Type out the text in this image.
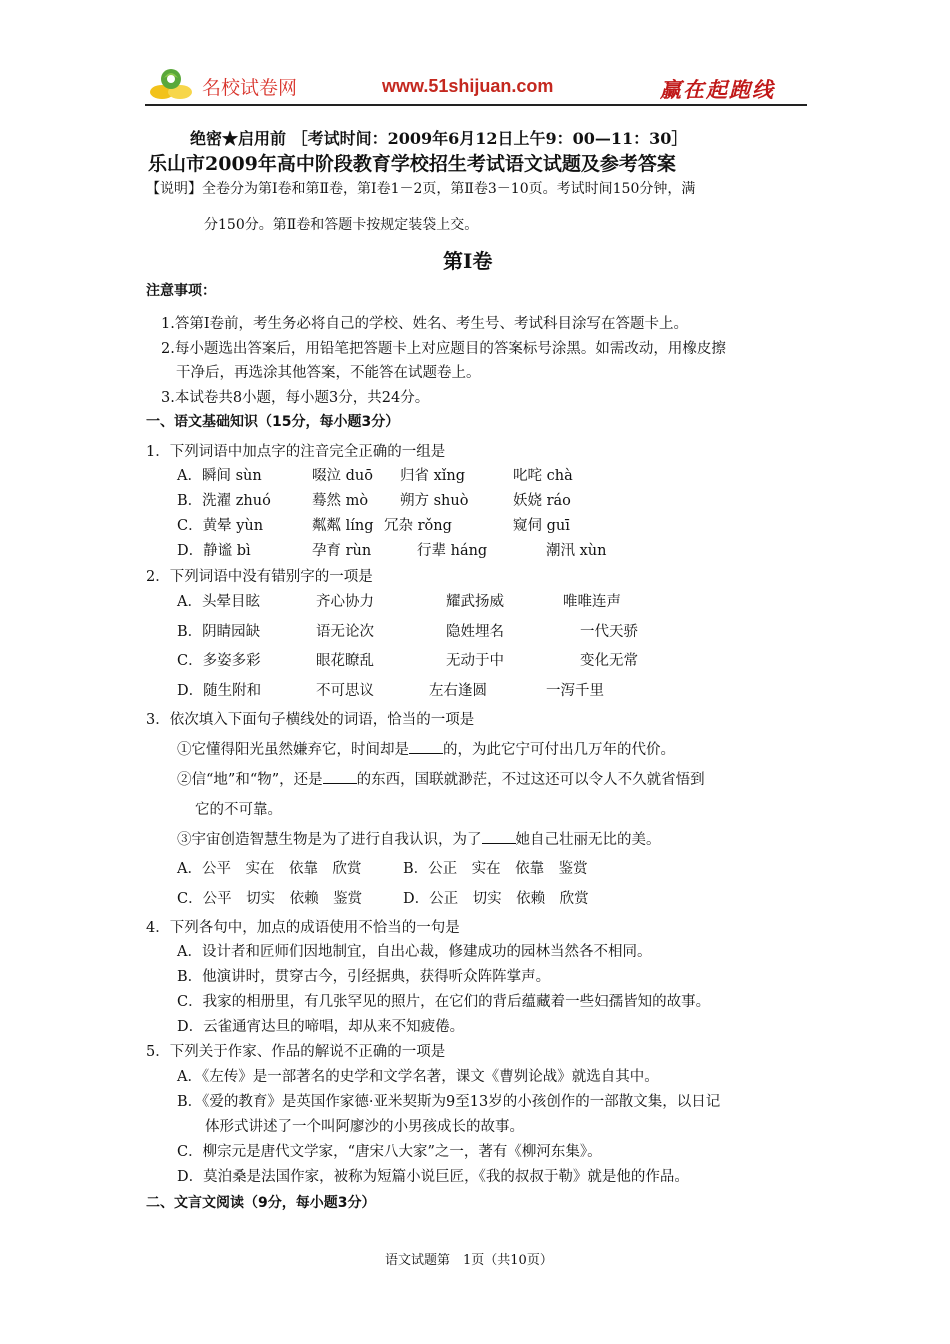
名校试卷网	www.51shijuan.com	赢在起跑线
绝密★启用前 ［考试时间：2009年6月12日上午9：00—11：30］
乐山市2009年高中阶段教育学校招生考试语文试题及参考答案
【说明】全卷分为第Ⅰ卷和第Ⅱ卷，第Ⅰ卷1－2页，第Ⅱ卷3－10页。考试时间150分钟，满
分150分。第Ⅱ卷和答题卡按规定装袋上交。
第Ⅰ卷
注意事项：
1.答第Ⅰ卷前，考生务必将自己的学校、姓名、考生号、考试科目涂写在答题卡上。
2.每小题选出答案后，用铅笔把答题卡上对应题目的答案标号涂黑。如需改动，用橡皮擦
干净后，再选涂其他答案，不能答在试题卷上。
3.本试卷共8小题，每小题3分，共24分。
一、语文基础知识（15分，每小题3分）
1．下列词语中加点字的注音完全正确的一组是
A．瞬间 sùn	啜泣 duō 归省 xǐng	叱咤 chà
B．洗濯 zhuó	蓦然 mò 朔方 shuò	妖娆 ráo
C．黄晕 yùn	粼粼 líng 冗杂 rǒng	窥伺 guī
D．静谧 bì	孕育 rùn	行辈 háng	潮汛 xùn
2．下列词语中没有错别字的一项是
A．头晕目眩	齐心协力	耀武扬威	唯唯连声
B．阴睛园缺	语无论次	隐姓埋名	一代天骄
C．多姿多彩	眼花瞭乱	无动于中	变化无常
D．随生附和	不可思议	左右逢圆	一泻千里
3．依次填入下面句子横线处的词语，恰当的一项是
①它懂得阳光虽然嫌弃它，时间却是 的，为此它宁可付出几万年的代价。
②信“地”和“物”，还是 的东西，国联就渺茫，不过这还可以令人不久就省悟到
它的不可靠。
③宇宙创造智慧生物是为了进行自我认识，为了 她自己壮丽无比的美。
A．公平　实在　依靠　欣赏	B．公正　实在　依靠　鉴赏
C．公平　切实　依赖　鉴赏	D．公正　切实　依赖　欣赏
4．下列各句中，加点的成语使用不恰当的一句是
A．设计者和匠师们因地制宜，自出心裁，修建成功的园林当然各不相同。
B．他演讲时，贯穿古今，引经据典，获得听众阵阵掌声。
C．我家的相册里，有几张罕见的照片，在它们的背后蕴藏着一些妇孺皆知的故事。
D．云雀通宵达旦的啼唱，却从来不知疲倦。
5．下列关于作家、作品的解说不正确的一项是
A．《左传》是一部著名的史学和文学名著，课文《曹刿论战》就选自其中。
B．《爱的教育》是英国作家德·亚米契斯为9至13岁的小孩创作的一部散文集，以日记
体形式讲述了一个叫阿廖沙的小男孩成长的故事。
C．柳宗元是唐代文学家，“唐宋八大家”之一，著有《柳河东集》。
D．莫泊桑是法国作家，被称为短篇小说巨匠，《我的叔叔于勒》就是他的作品。
二、文言文阅读（9分，每小题3分）
语文试题第　1页（共10页）
